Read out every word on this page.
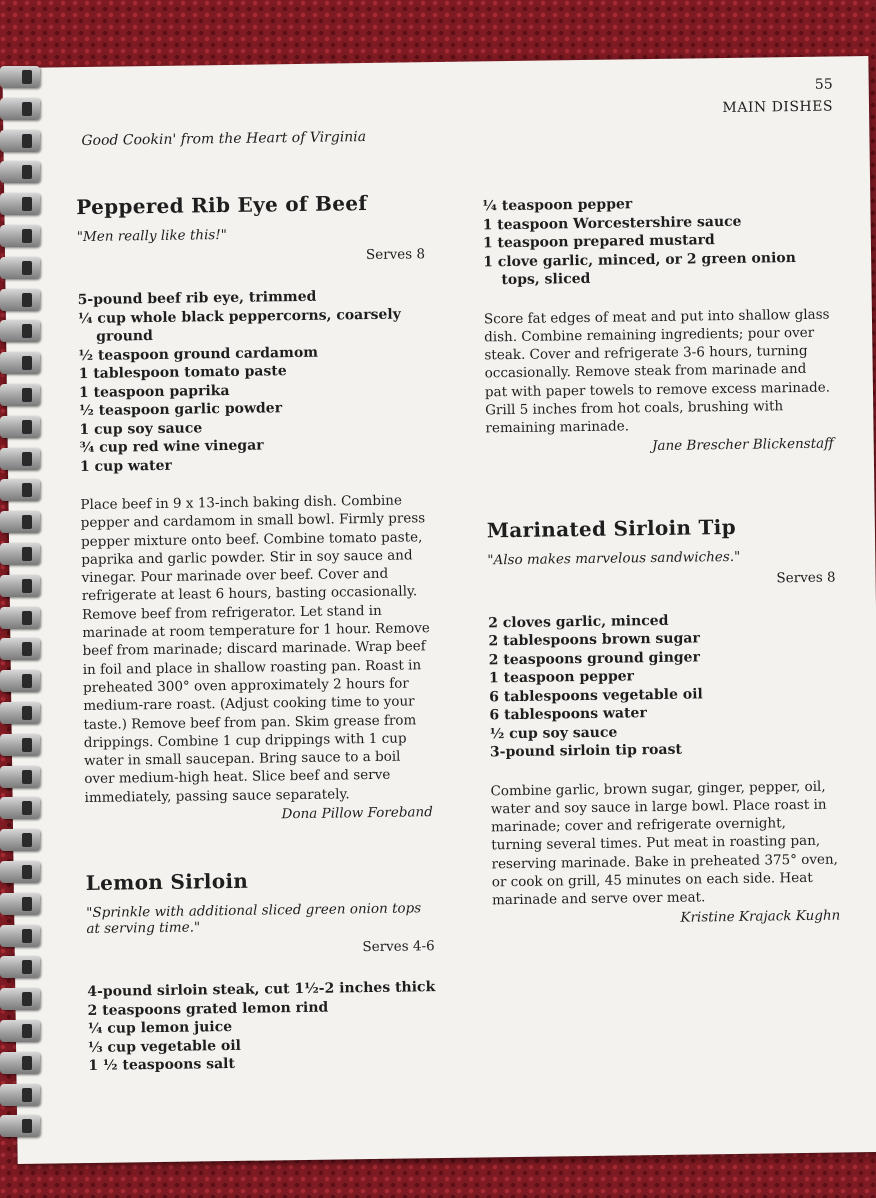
55
MAIN DISHES
Good Cookin' from the Heart of Virginia
Peppered Rib Eye of Beef

"Men really like this!"

Serves 8

5-pound beef rib eye, trimmed
¼ cup whole black peppercorns, coarsely ground
½ teaspoon ground cardamom
1 tablespoon tomato paste
1 teaspoon paprika
½ teaspoon garlic powder
1 cup soy sauce
¾ cup red wine vinegar
1 cup water

Place beef in 9 x 13-inch baking dish. Combine pepper and cardamom in small bowl. Firmly press pepper mixture onto beef. Combine tomato paste, paprika and garlic powder. Stir in soy sauce and vinegar. Pour marinade over beef. Cover and refrigerate at least 6 hours, basting occasionally. Remove beef from refrigerator. Let stand in marinade at room temperature for 1 hour. Remove beef from marinade; discard marinade. Wrap beef in foil and place in shallow roasting pan. Roast in preheated 300° oven approximately 2 hours for medium-rare roast. (Adjust cooking time to your taste.) Remove beef from pan. Skim grease from drippings. Combine 1 cup drippings with 1 cup water in small saucepan. Bring sauce to a boil over medium-high heat. Slice beef and serve immediately, passing sauce separately.

Dona Pillow Foreband

Lemon Sirloin

"Sprinkle with additional sliced green onion tops at serving time."

Serves 4-6

4-pound sirloin steak, cut 1½-2 inches thick
2 teaspoons grated lemon rind
¼ cup lemon juice
⅓ cup vegetable oil
1 ½ teaspoons salt
¼ teaspoon pepper
1 teaspoon Worcestershire sauce
1 teaspoon prepared mustard
1 clove garlic, minced, or 2 green onion tops, sliced

Score fat edges of meat and put into shallow glass dish. Combine remaining ingredients; pour over steak. Cover and refrigerate 3-6 hours, turning occasionally. Remove steak from marinade and pat with paper towels to remove excess marinade. Grill 5 inches from hot coals, brushing with remaining marinade.

Jane Brescher Blickenstaff

Marinated Sirloin Tip

"Also makes marvelous sandwiches."

Serves 8

2 cloves garlic, minced
2 tablespoons brown sugar
2 teaspoons ground ginger
1 teaspoon pepper
6 tablespoons vegetable oil
6 tablespoons water
½ cup soy sauce
3-pound sirloin tip roast

Combine garlic, brown sugar, ginger, pepper, oil, water and soy sauce in large bowl. Place roast in marinade; cover and refrigerate overnight, turning several times. Put meat in roasting pan, reserving marinade. Bake in preheated 375° oven, or cook on grill, 45 minutes on each side. Heat marinade and serve over meat.

Kristine Krajack Kughn
